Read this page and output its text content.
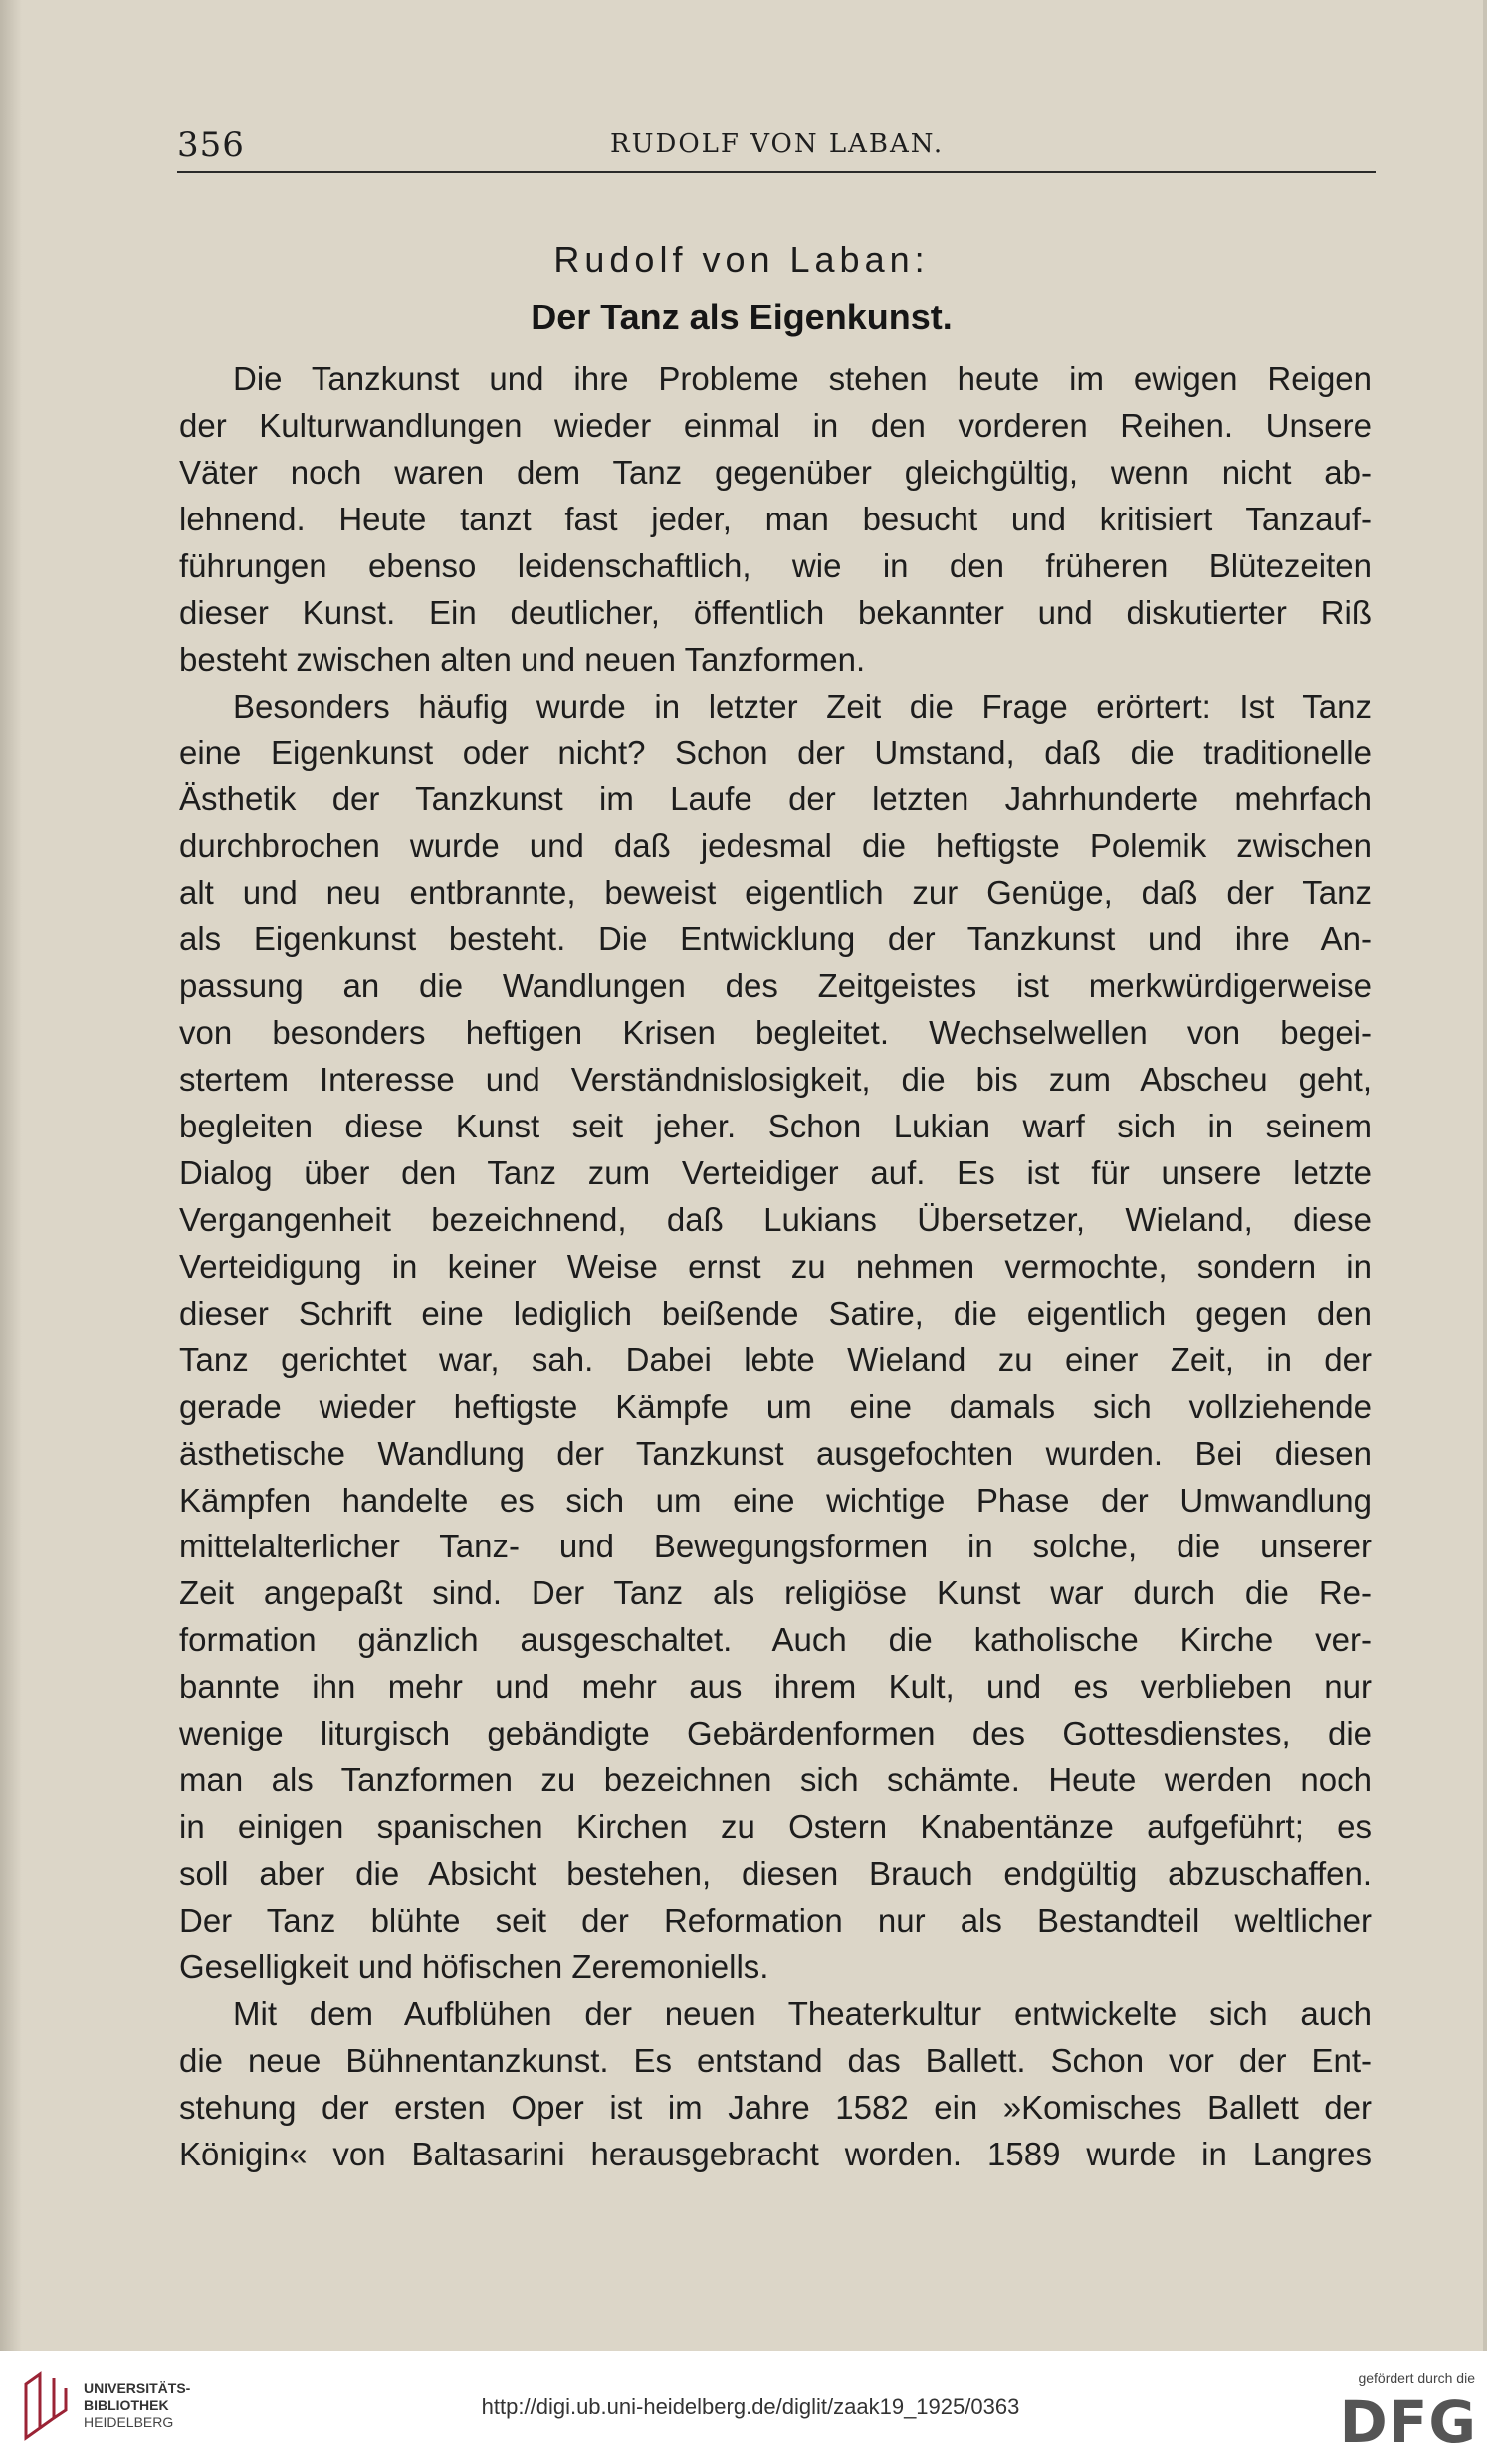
356	RUDOLF VON LABAN.
Rudolf von Laban:
Der Tanz als Eigenkunst.
Die Tanzkunst und ihre Probleme stehen heute im ewigen Reigen
der Kulturwandlungen wieder einmal in den vorderen Reihen. Unsere
Väter noch waren dem Tanz gegenüber gleichgültig, wenn nicht ab-
lehnend. Heute tanzt fast jeder, man besucht und kritisiert Tanzauf-
führungen ebenso leidenschaftlich, wie in den früheren Blütezeiten
dieser Kunst. Ein deutlicher, öffentlich bekannter und diskutierter Riß
besteht zwischen alten und neuen Tanzformen.
Besonders häufig wurde in letzter Zeit die Frage erörtert: Ist Tanz
eine Eigenkunst oder nicht? Schon der Umstand, daß die traditionelle
Ästhetik der Tanzkunst im Laufe der letzten Jahrhunderte mehrfach
durchbrochen wurde und daß jedesmal die heftigste Polemik zwischen
alt und neu entbrannte, beweist eigentlich zur Genüge, daß der Tanz
als Eigenkunst besteht. Die Entwicklung der Tanzkunst und ihre An-
passung an die Wandlungen des Zeitgeistes ist merkwürdigerweise
von besonders heftigen Krisen begleitet. Wechselwellen von begei-
stertem Interesse und Verständnislosigkeit, die bis zum Abscheu geht,
begleiten diese Kunst seit jeher. Schon Lukian warf sich in seinem
Dialog über den Tanz zum Verteidiger auf. Es ist für unsere letzte
Vergangenheit bezeichnend, daß Lukians Übersetzer, Wieland, diese
Verteidigung in keiner Weise ernst zu nehmen vermochte, sondern in
dieser Schrift eine lediglich beißende Satire, die eigentlich gegen den
Tanz gerichtet war, sah. Dabei lebte Wieland zu einer Zeit, in der
gerade wieder heftigste Kämpfe um eine damals sich vollziehende
ästhetische Wandlung der Tanzkunst ausgefochten wurden. Bei diesen
Kämpfen handelte es sich um eine wichtige Phase der Umwandlung
mittelalterlicher Tanz- und Bewegungsformen in solche, die unserer
Zeit angepaßt sind. Der Tanz als religiöse Kunst war durch die Re-
formation gänzlich ausgeschaltet. Auch die katholische Kirche ver-
bannte ihn mehr und mehr aus ihrem Kult, und es verblieben nur
wenige liturgisch gebändigte Gebärdenformen des Gottesdienstes, die
man als Tanzformen zu bezeichnen sich schämte. Heute werden noch
in einigen spanischen Kirchen zu Ostern Knabentänze aufgeführt; es
soll aber die Absicht bestehen, diesen Brauch endgültig abzuschaffen.
Der Tanz blühte seit der Reformation nur als Bestandteil weltlicher
Geselligkeit und höfischen Zeremoniells.
Mit dem Aufblühen der neuen Theaterkultur entwickelte sich auch
die neue Bühnentanzkunst. Es entstand das Ballett. Schon vor der Ent-
stehung der ersten Oper ist im Jahre 1582 ein »Komisches Ballett der
Königin« von Baltasarini herausgebracht worden. 1589 wurde in Langres
UNIVERSITÄTS-
BIBLIOTHEK
HEIDELBERG
http://digi.ub.uni-heidelberg.de/diglit/zaak19_1925/0363
gefördert durch die
DFG
